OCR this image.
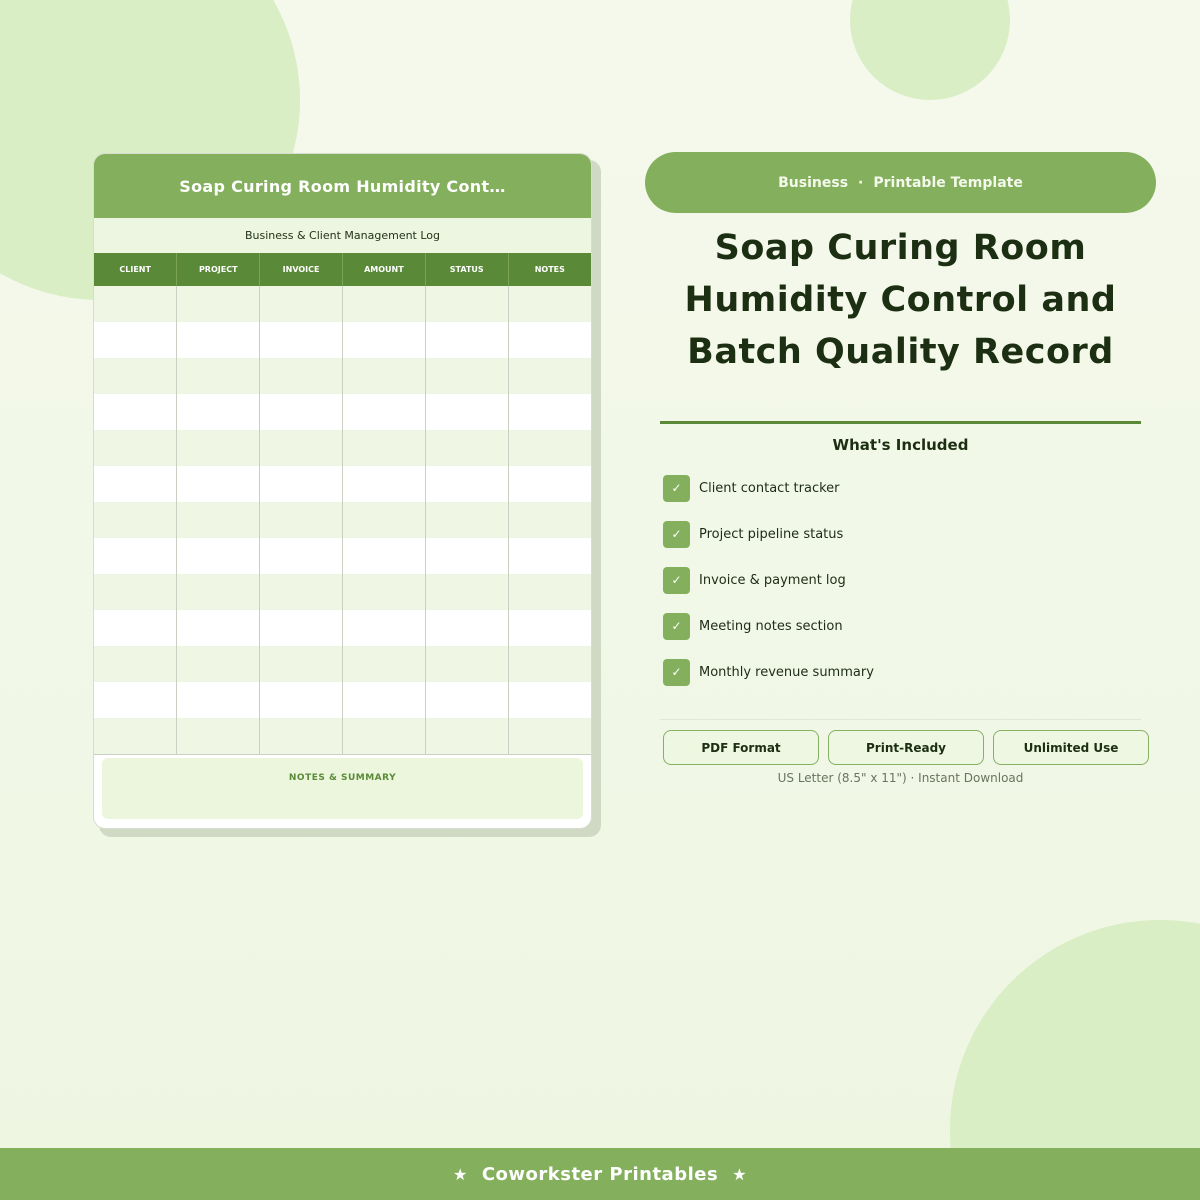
Soap Curing Room Humidity Cont…
Business & Client Management Log
CLIENT	PROJECT	INVOICE	AMOUNT	STATUS	NOTES

NOTES & SUMMARY
Business · Printable Template
Soap Curing Room Humidity Control and Batch Quality Record
What's Included
✓	Client contact tracker
✓	Project pipeline status
✓	Invoice & payment log
✓	Meeting notes section
✓	Monthly revenue summary
PDF Format	Print-Ready	Unlimited Use
US Letter (8.5" x 11") · Instant Download
★ Coworkster Printables ★
